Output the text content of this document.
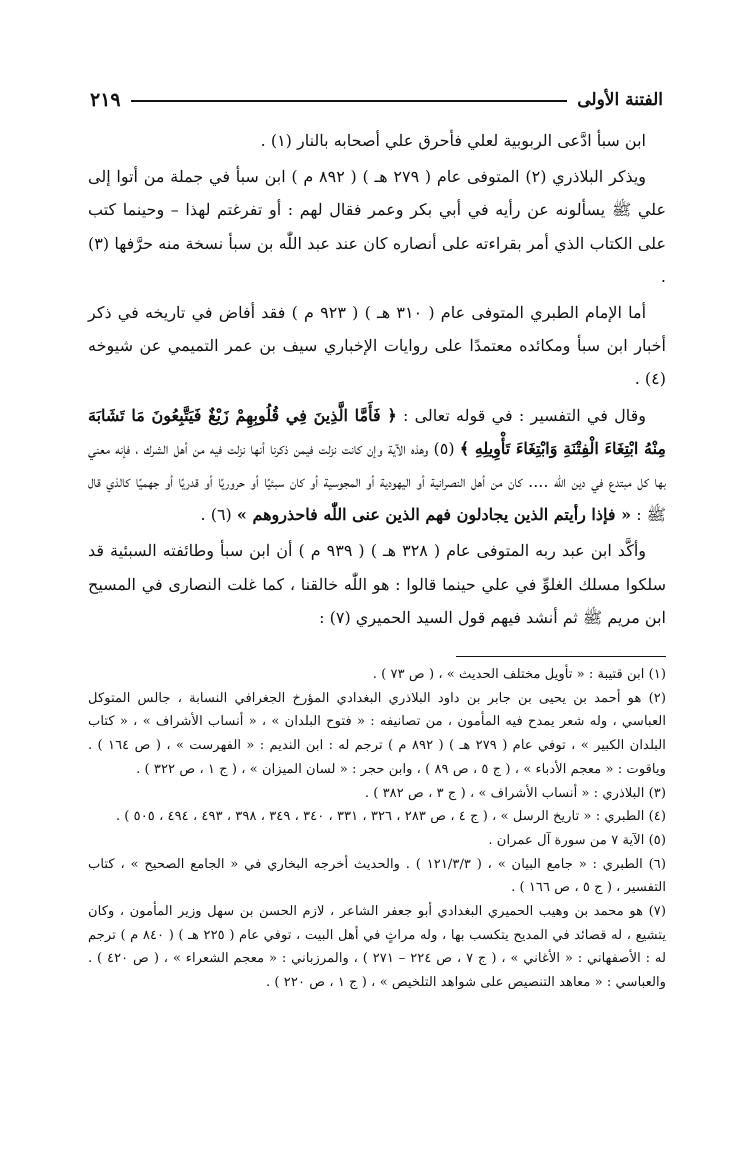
الفتنة الأولى
٢١٩

ابن سبأ ادَّعى الربوبية لعلي فأحرق علي أصحابه بالنار (١) .

ويذكر البلاذري (٢) المتوفى عام ( ٢٧٩ هـ ) ( ٨٩٢ م ) ابن سبأ في جملة من أتوا إلى علي ﷺ يسألونه عن رأيه في أبي بكر وعمر فقال لهم : أو تفرغتم لهذا – وحينما كتب على الكتاب الذي أمر بقراءته على أنصاره كان عند عبد اللّٰه بن سبأ نسخة منه حرَّفها (٣) .

أما الإمام الطبري المتوفى عام ( ٣١٠ هـ ) ( ٩٢٣ م ) فقد أفاض في تاريخه في ذكر أخبار ابن سبأ ومكائده معتمدًا على روايات الإخباري سيف بن عمر التميمي عن شيوخه (٤) .

وقال في التفسير : في قوله تعالى : ﴿ فَأَمَّا الَّذِينَ فِي قُلُوبِهِمْ زَيْغٌ فَيَتَّبِعُونَ مَا تَشَابَهَ مِنْهُ ابْتِغَاءَ الْفِتْنَةِ وَابْتِغَاءَ تَأْوِيلِهِ ﴾ (٥) وهذه الآية وإن كانت نزلت فيمن ذكرنا أنها نزلت فيه من أهل الشرك ، فإنه معني بها كل مبتدع في دين اللّٰه .... كان من أهل النصرانية أو اليهودية أو المجوسية أو كان سبئيًا أو حروريًا أو قدريًا أو جهميًا كالذي قال ﷺ : « فإذا رأيتم الذين يجادلون فهم الذين عنى اللّٰه فاحذروهم » (٦) .

وأكَّد ابن عبد ربه المتوفى عام ( ٣٢٨ هـ ) ( ٩٣٩ م ) أن ابن سبأ وطائفته السبئية قد سلكوا مسلك الغلوِّ في علي حينما قالوا : هو اللّٰه خالقنا ، كما غلت النصارى في المسيح ابن مريم ﷺ ثم أنشد فيهم قول السيد الحميري (٧) :

(١) ابن قتيبة : « تأويل مختلف الحديث » ، ( ص ٧٣ ) .

(٢) هو أحمد بن يحيى بن جابر بن داود البلاذري البغدادي المؤرخ الجغرافي النسابة ، جالس المتوكل العباسي ، وله شعر يمدح فيه المأمون ، من تصانيفه : « فتوح البلدان » ، « أنساب الأشراف » ، « كتاب البلدان الكبير » ، توفي عام ( ٢٧٩ هـ ) ( ٨٩٢ م ) ترجم له : ابن النديم : « الفهرست » ، ( ص ١٦٤ ) . وياقوت : « معجم الأدباء » ، ( ج ٥ ، ص ٨٩ ) ، وابن حجر : « لسان الميزان » ، ( ج ١ ، ص ٣٢٢ ) .

(٣) البلاذري : « أنساب الأشراف » ، ( ج ٣ ، ص ٣٨٢ ) .

(٤) الطبري : « تاريخ الرسل » ، ( ج ٤ ، ص ٢٨٣ ، ٣٢٦ ، ٣٣١ ، ٣٤٠ ، ٣٤٩ ، ٣٩٨ ، ٤٩٣ ، ٤٩٤ ، ٥٠٥ ) .

(٥) الآية ٧ من سورة آل عمران .

(٦) الطبري : « جامع البيان » ، ( ١٢١/٣/٣ ) . والحديث أخرجه البخاري في « الجامع الصحيح » ، كتاب التفسير ، ( ج ٥ ، ص ١٦٦ ) .

(٧) هو محمد بن وهيب الحميري البغدادي أبو جعفر الشاعر ، لازم الحسن بن سهل وزير المأمون ، وكان يتشيع ، له قصائد في المديح يتكسب بها ، وله مراثٍ في أهل البيت ، توفي عام ( ٢٢٥ هـ ) ( ٨٤٠ م ) ترجم له : الأصفهاني : « الأغاني » ، ( ج ٧ ، ص ٢٢٤ – ٢٧١ ) ، والمرزباني : « معجم الشعراء » ، ( ص ٤٢٠ ) . والعباسي : « معاهد التنصيص على شواهد التلخيص » ، ( ج ١ ، ص ٢٢٠ ) .
